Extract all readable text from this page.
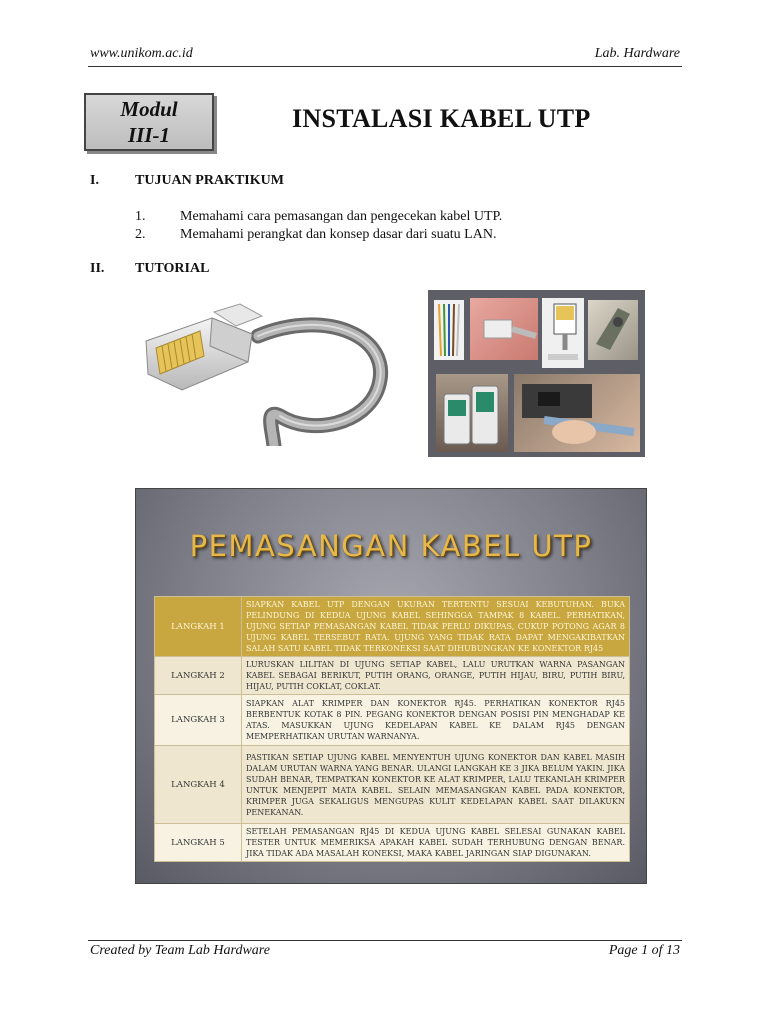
www.unikom.ac.id	Lab. Hardware
Modul
III-1
INSTALASI KABEL UTP
I.	TUJUAN PRAKTIKUM
1. Memahami cara pemasangan dan pengecekan kabel UTP.
2. Memahami perangkat dan konsep dasar dari suatu LAN.
II. TUTORIAL
PEMASANGAN KABEL UTP
LANGKAH 1	SIAPKAN KABEL UTP DENGAN UKURAN TERTENTU SESUAI KEBUTUHAN. BUKA PELINDUNG DI KEDUA UJUNG KABEL SEHINGGA TAMPAK 8 KABEL. PERHATIKAN, UJUNG SETIAP PEMASANGAN KABEL TIDAK PERLU DIKUPAS, CUKUP POTONG AGAR 8 UJUNG KABEL TERSEBUT RATA. UJUNG YANG TIDAK RATA DAPAT MENGAKIBATKAN SALAH SATU KABEL TIDAK TERKONEKSI SAAT DIHUBUNGKAN KE KONEKTOR RJ45
LANGKAH 2	LURUSKAN LILITAN DI UJUNG SETIAP KABEL, LALU URUTKAN WARNA PASANGAN KABEL SEBAGAI BERIKUT, PUTIH ORANG, ORANGE, PUTIH HIJAU, BIRU, PUTIH BIRU, HIJAU, PUTIH COKLAT, COKLAT.
LANGKAH 3	SIAPKAN ALAT KRIMPER DAN KONEKTOR RJ45. PERHATIKAN KONEKTOR RJ45 BERBENTUK KOTAK 8 PIN. PEGANG KONEKTOR DENGAN POSISI PIN MENGHADAP KE ATAS. MASUKKAN UJUNG KEDELAPAN KABEL KE DALAM RJ45 DENGAN MEMPERHATIKAN URUTAN WARNANYA.
LANGKAH 4	PASTIKAN SETIAP UJUNG KABEL MENYENTUH UJUNG KONEKTOR DAN KABEL MASIH DALAM URUTAN WARNA YANG BENAR. ULANGI LANGKAH KE 3 JIKA BELUM YAKIN. JIKA SUDAH BENAR, TEMPATKAN KONEKTOR KE ALAT KRIMPER, LALU TEKANLAH KRIMPER UNTUK MENJEPIT MATA KABEL. SELAIN MEMASANGKAN KABEL PADA KONEKTOR, KRIMPER JUGA SEKALIGUS MENGUPAS KULIT KEDELAPAN KABEL SAAT DILAKUKN PENEKANAN.
LANGKAH 5	SETELAH PEMASANGAN RJ45 DI KEDUA UJUNG KABEL SELESAI GUNAKAN KABEL TESTER UNTUK MEMERIKSA APAKAH KABEL SUDAH TERHUBUNG DENGAN BENAR. JIKA TIDAK ADA MASALAH KONEKSI, MAKA KABEL JARINGAN SIAP DIGUNAKAN.
Created by Team Lab Hardware	Page 1 of 13
